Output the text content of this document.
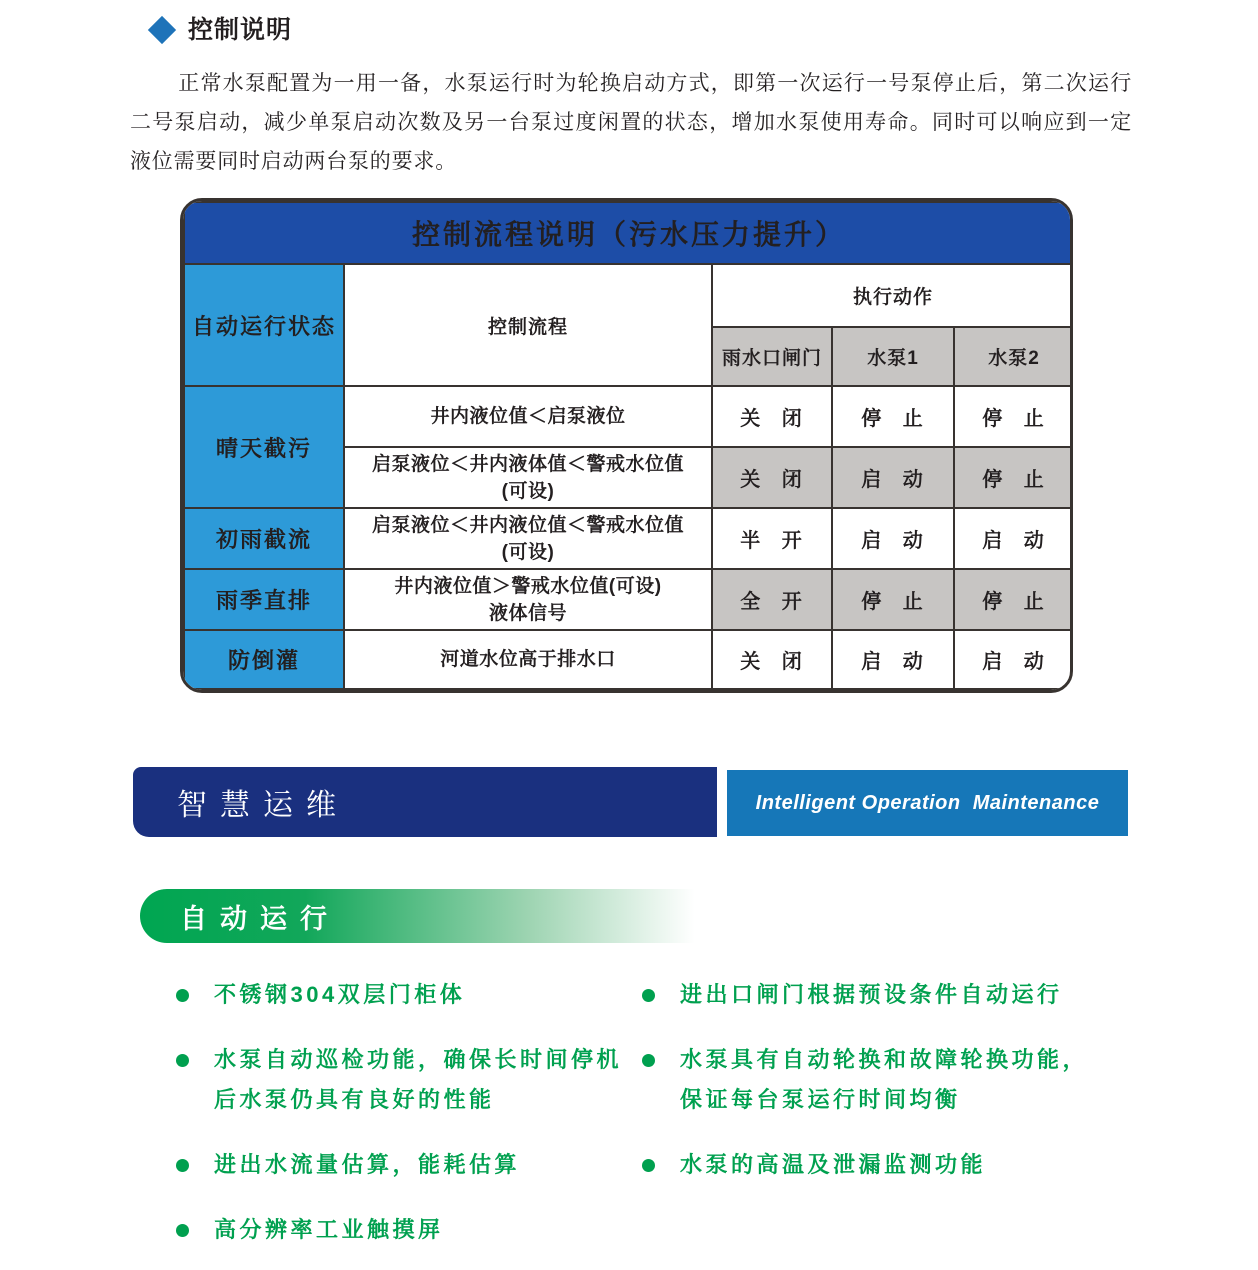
控制说明

正常水泵配置为一用一备，水泵运行时为轮换启动方式，即第一次运行一号泵停止后，第二次运行二号泵启动，减少单泵启动次数及另一台泵过度闲置的状态，增加水泵使用寿命。同时可以响应到一定液位需要同时启动两台泵的要求。

控制流程说明（污水压力提升）				
自动运行状态	控制流程	执行动作		
		雨水口闸门	水泵1	水泵2
晴天截污	井内液位值＜启泵液位	关 闭	停 止	停 止

	启泵液位＜井内液体值＜警戒水位值
(可设)	关 闭	启 动	停 止
初雨截流	启泵液位＜井内液位值＜警戒水位值
(可设)	半 开	启 动	启 动
雨季直排	井内液位值＞警戒水位值(可设)
液体信号	全 开	停 止	停 止
防倒灌	河道水位高于排水口	关 闭	启 动	启 动
智慧运维	Intelligent Operation  Maintenance
自动运行
不锈钢304双层门柜体
水泵自动巡检功能，确保长时间停机
后水泵仍具有良好的性能
进出水流量估算，能耗估算
高分辨率工业触摸屏
进出口闸门根据预设条件自动运行
水泵具有自动轮换和故障轮换功能，
保证每台泵运行时间均衡
水泵的高温及泄漏监测功能
